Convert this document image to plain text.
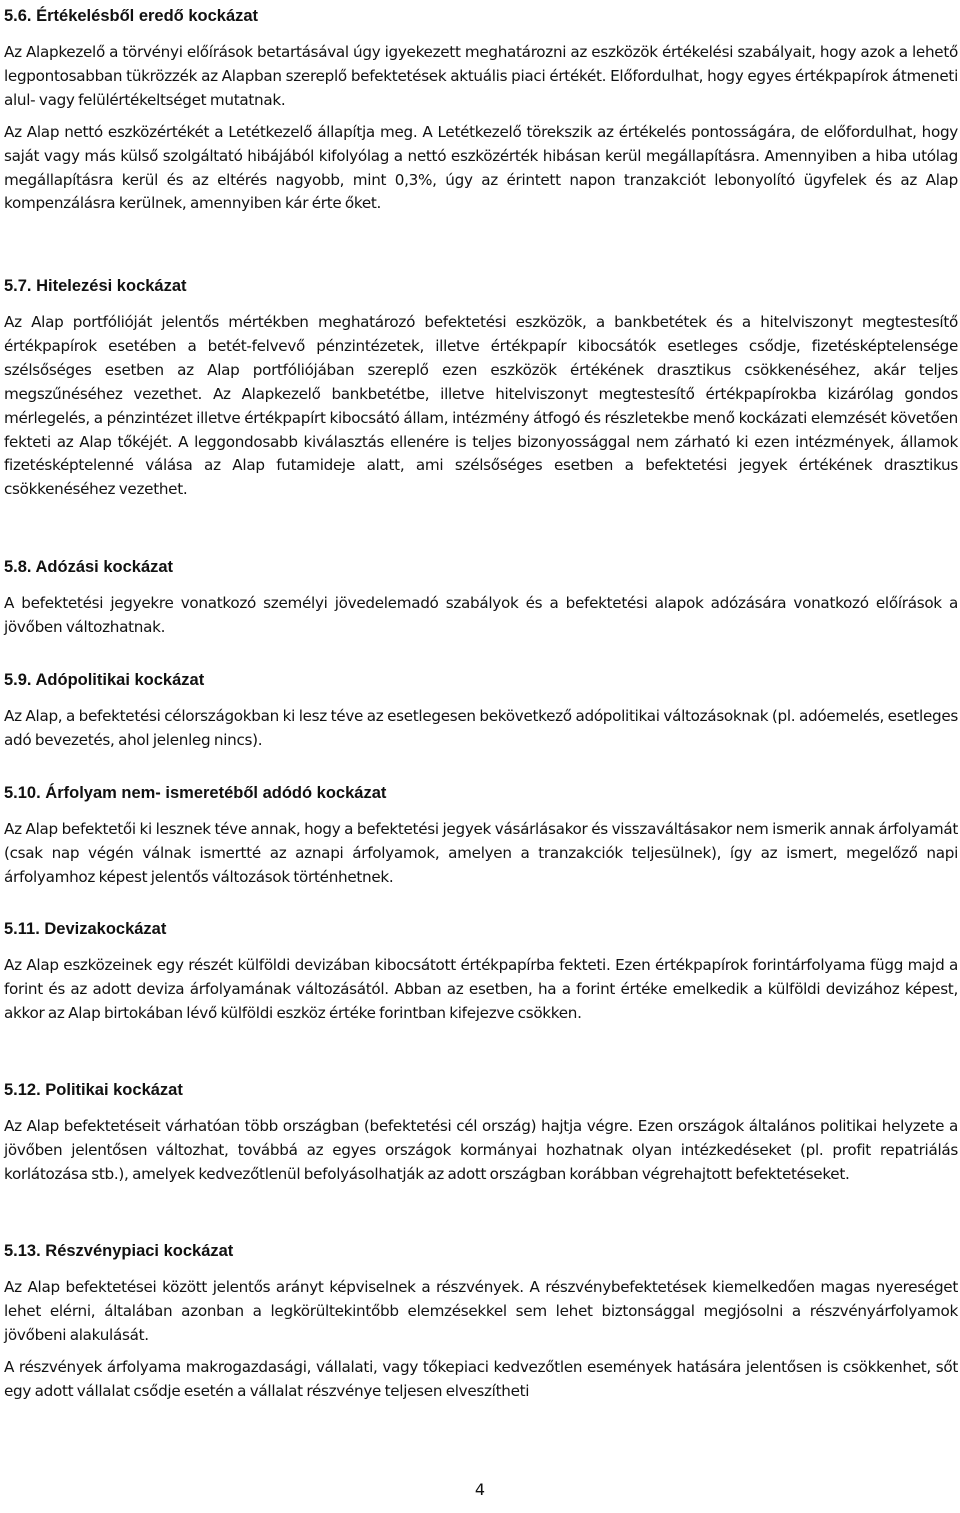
5.6. Értékelésből eredő kockázat

Az Alapkezelő a törvényi előírások betartásával úgy igyekezett meghatározni az eszközök értékelési szabályait, hogy azok a lehető legpontosabban tükrözzék az Alapban szereplő befektetések aktuális piaci értékét. Előfordulhat, hogy egyes értékpapírok átmeneti alul- vagy felülértékeltséget mutatnak.

Az Alap nettó eszközértékét a Letétkezelő állapítja meg. A Letétkezelő törekszik az értékelés pontosságára, de előfordulhat, hogy saját vagy más külső szolgáltató hibájából kifolyólag a nettó eszközérték hibásan kerül megállapításra. Amennyiben a hiba utólag megállapításra kerül és az eltérés nagyobb, mint 0,3%, úgy az érintett napon tranzakciót lebonyolító ügyfelek és az Alap kompenzálásra kerülnek, amennyiben kár érte őket.

5.7. Hitelezési kockázat

Az Alap portfólióját jelentős mértékben meghatározó befektetési eszközök, a bankbetétek és a hitelviszonyt megtestesítő értékpapírok esetében a betét-felvevő pénzintézetek, illetve értékpapír kibocsátók esetleges csődje, fizetésképtelensége szélsőséges esetben az Alap portfóliójában szereplő ezen eszközök értékének drasztikus csökkenéséhez, akár teljes megszűnéséhez vezethet. Az Alapkezelő bankbetétbe, illetve hitelviszonyt megtestesítő értékpapírokba kizárólag gondos mérlegelés, a pénzintézet illetve értékpapírt kibocsátó állam, intézmény átfogó és részletekbe menő kockázati elemzését követően fekteti az Alap tőkéjét. A leggondosabb kiválasztás ellenére is teljes bizonyossággal nem zárható ki ezen intézmények, államok fizetésképtelenné válása az Alap futamideje alatt, ami szélsőséges esetben a befektetési jegyek értékének drasztikus csökkenéséhez vezethet.

5.8. Adózási kockázat

A befektetési jegyekre vonatkozó személyi jövedelemadó szabályok és a befektetési alapok adózására vonatkozó előírások a jövőben változhatnak.

5.9. Adópolitikai kockázat

Az Alap, a befektetési célországokban ki lesz téve az esetlegesen bekövetkező adópolitikai változásoknak (pl. adóemelés, esetleges adó bevezetés, ahol jelenleg nincs).

5.10. Árfolyam nem- ismeretéből adódó kockázat

Az Alap befektetői ki lesznek téve annak, hogy a befektetési jegyek vásárlásakor és visszaváltásakor nem ismerik annak árfolyamát (csak nap végén válnak ismertté az aznapi árfolyamok, amelyen a tranzakciók teljesülnek), így az ismert, megelőző napi árfolyamhoz képest jelentős változások történhetnek.

5.11. Devizakockázat

Az Alap eszközeinek egy részét külföldi devizában kibocsátott értékpapírba fekteti. Ezen értékpapírok forintárfolyama függ majd a forint és az adott deviza árfolyamának változásától. Abban az esetben, ha a forint értéke emelkedik a külföldi devizához képest, akkor az Alap birtokában lévő külföldi eszköz értéke forintban kifejezve csökken.

5.12. Politikai kockázat

Az Alap befektetéseit várhatóan több országban (befektetési cél ország) hajtja végre. Ezen országok általános politikai helyzete a jövőben jelentősen változhat, továbbá az egyes országok kormányai hozhatnak olyan intézkedéseket (pl. profit repatriálás korlátozása stb.), amelyek kedvezőtlenül befolyásolhatják az adott országban korábban végrehajtott befektetéseket.

5.13. Részvénypiaci kockázat

Az Alap befektetései között jelentős arányt képviselnek a részvények. A részvénybefektetések kiemelkedően magas nyereséget lehet elérni, általában azonban a legkörültekintőbb elemzésekkel sem lehet biztonsággal megjósolni a részvényárfolyamok jövőbeni alakulását.

A részvények árfolyama makrogazdasági, vállalati, vagy tőkepiaci kedvezőtlen események hatására jelentősen is csökkenhet, sőt egy adott vállalat csődje esetén a vállalat részvénye teljesen elveszítheti

4
